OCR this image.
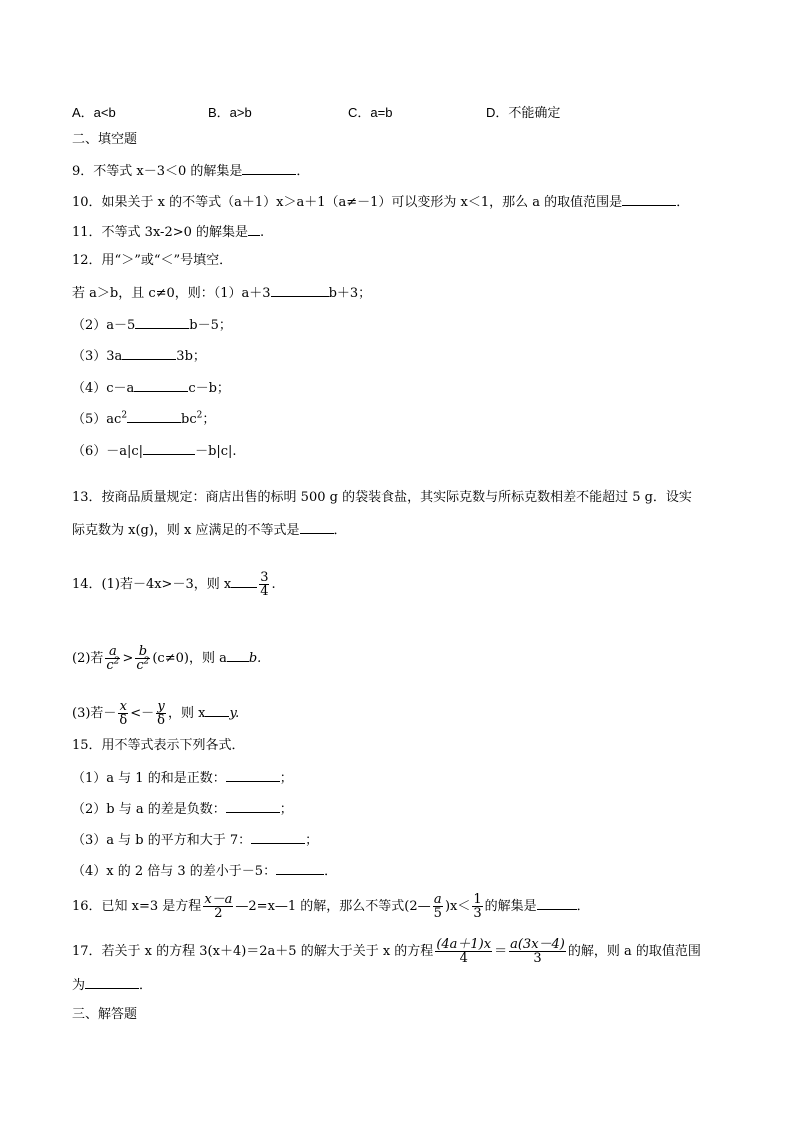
A．a<b	B．a>b	C．a=b	D．不能确定
二、填空题
9．不等式 x－3＜0 的解集是	．
10．如果关于 x 的不等式（a＋1）x＞a＋1（a≠－1）可以变形为 x＜1，那么 a 的取值范围是	．
11．不等式 3x-2>0 的解集是 .
12．用“＞”或“＜”号填空．
若 a＞b，且 c≠0，则：（1）a＋3	b＋3；
（2）a－5	b－5；
（3）3a	3b；
（4）c－a	c－b；
$(5)ac^2$	$bc^2$；
（6）－a|c|	－b|c|.
13．按商品质量规定：商店出售的标明 500 g 的袋装食盐，其实际克数与所标克数相差不能超过 5 g．设实
际克数为 x(g)，则 x 应满足的不等式是	．
14．(1)若－4x>－3，则 x $\frac{3}{4}$ .
(2)若 $\frac{a}{c^2} > \frac{b}{c^2} (c\ne 0)$，则 a b.
(3)若－ $\frac{x}{\delta} <- \frac{y}{\delta}$ ，则 x y.
15．用不等式表示下列各式．
（1）a 与 1 的和是正数：	；
（2）b 与 a 的差是负数：	；
（3）a 与 b 的平方和大于 7：	；
（4）x 的 2 倍与 3 的差小于－5：	．
16．已知 x=3 是方程 $\frac{x-a}{2}$ —2=x—1 的解，那么不等式(2— $\frac{a}{5} )x< \frac{1}{3}$ 的解集是	．
17．若关于 x 的方程 3(x＋4)＝2a＋5 的解大于关于 x 的方程 $\frac{(4a+1)x}{4} = \frac{a(3x-4)}{3}$ 的解，则 a 的取值范围
为	．
三、解答题
